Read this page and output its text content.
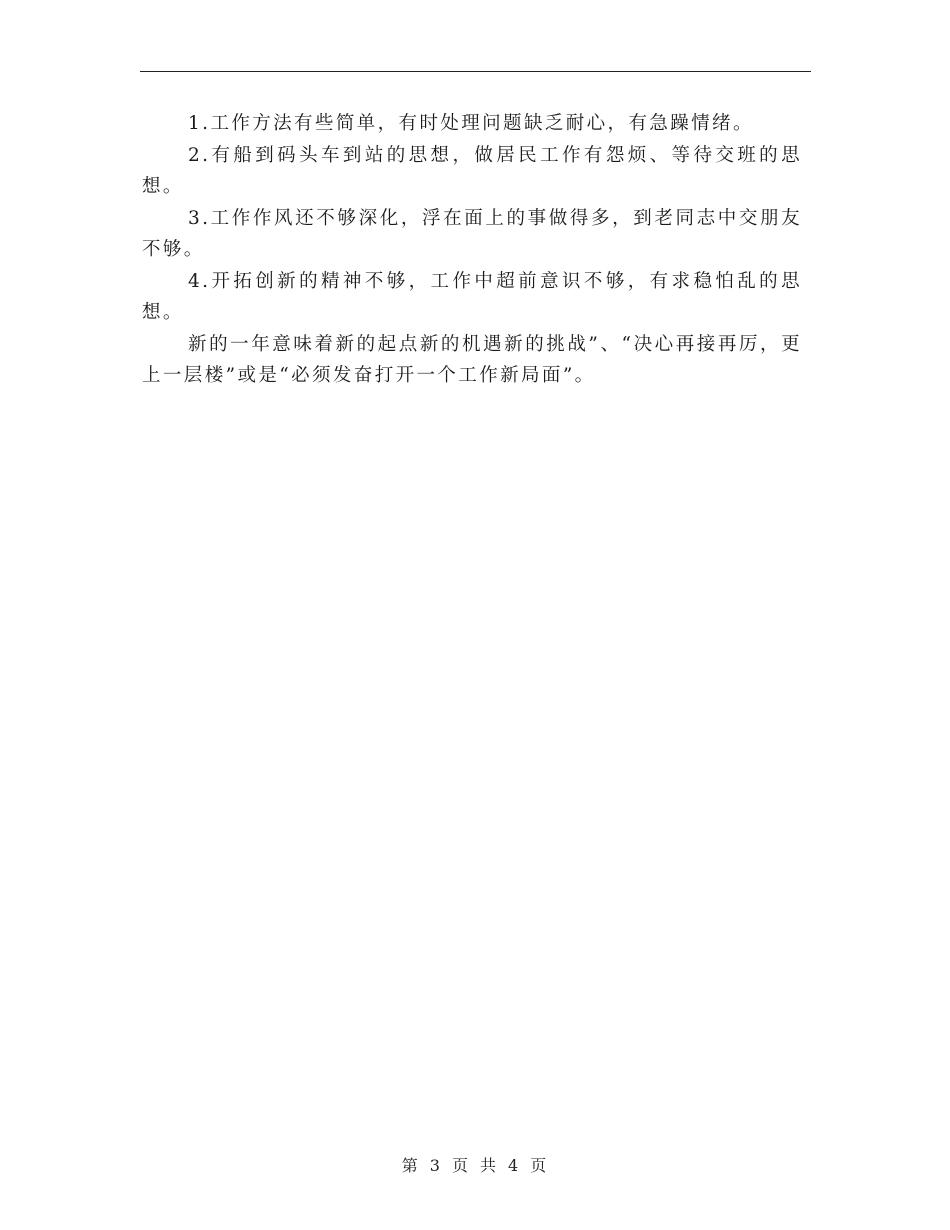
1.工作方法有些简单，有时处理问题缺乏耐心，有急躁情绪。

2.有船到码头车到站的思想，做居民工作有怨烦、等待交班的思想。

3.工作作风还不够深化，浮在面上的事做得多，到老同志中交朋友不够。

4.开拓创新的精神不够，工作中超前意识不够，有求稳怕乱的思想。

新的一年意味着新的起点新的机遇新的挑战”、“决心再接再厉，更上一层楼”或是“必须发奋打开一个工作新局面”。

第 3 页 共 4 页
